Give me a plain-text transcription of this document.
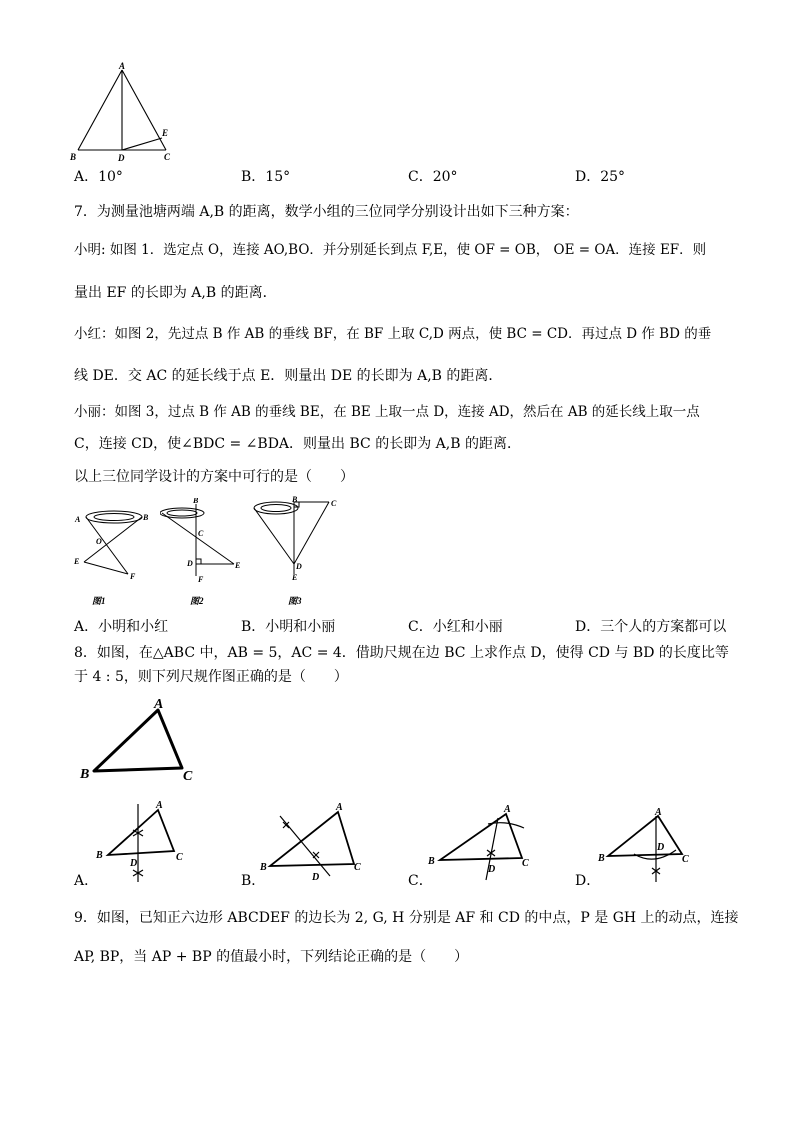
A
B	D	C
E
A．10°	B．15°	C．20°	D．25°
7．为测量池塘两端 A,B 的距离，数学小组的三位同学分别设计出如下三种方案：
小明: 如图 1．选定点 O，连接 AO,BO．并分别延长到点 F,E，使 OF = OB， OE = OA．连接 EF．则
量出 EF 的长即为 A,B 的距离．
小红：如图 2，先过点 B 作 AB 的垂线 BF，在 BF 上取 C,D 两点，使 BC = CD．再过点 D 作 BD 的垂
线 DE．交 AC 的延长线于点 E．则量出 DE 的长即为 A,B 的距离．
小丽：如图 3，过点 B 作 AB 的垂线 BE，在 BE 上取一点 D，连接 AD，然后在 AB 的延长线上取一点
C，连接 CD，使∠BDC = ∠BDA．则量出 BC 的长即为 A,B 的距离．
以上三位同学设计的方案中可行的是（　　）
A	B
O
E
F
图1
B
C
D	E
F
图2
B	C
D
E
图3
A．小明和小红	B．小明和小丽	C．小红和小丽	D．三个人的方案都可以
8．如图，在△ABC 中，AB = 5，AC = 4．借助尺规在边 BC 上求作点 D，使得 CD 与 BD 的长度比等
于 4 : 5，则下列尺规作图正确的是（　　）
A
B	C
A
B
D
C
A．
A
B
D
C
B．
A
B
D
C
C．
A
B
D
C
D．
9．如图，已知正六边形 ABCDEF 的边长为 2, G, H 分别是 AF 和 CD 的中点，P 是 GH 上的动点，连接
AP, BP，当 AP + BP 的值最小时，下列结论正确的是（　　）
